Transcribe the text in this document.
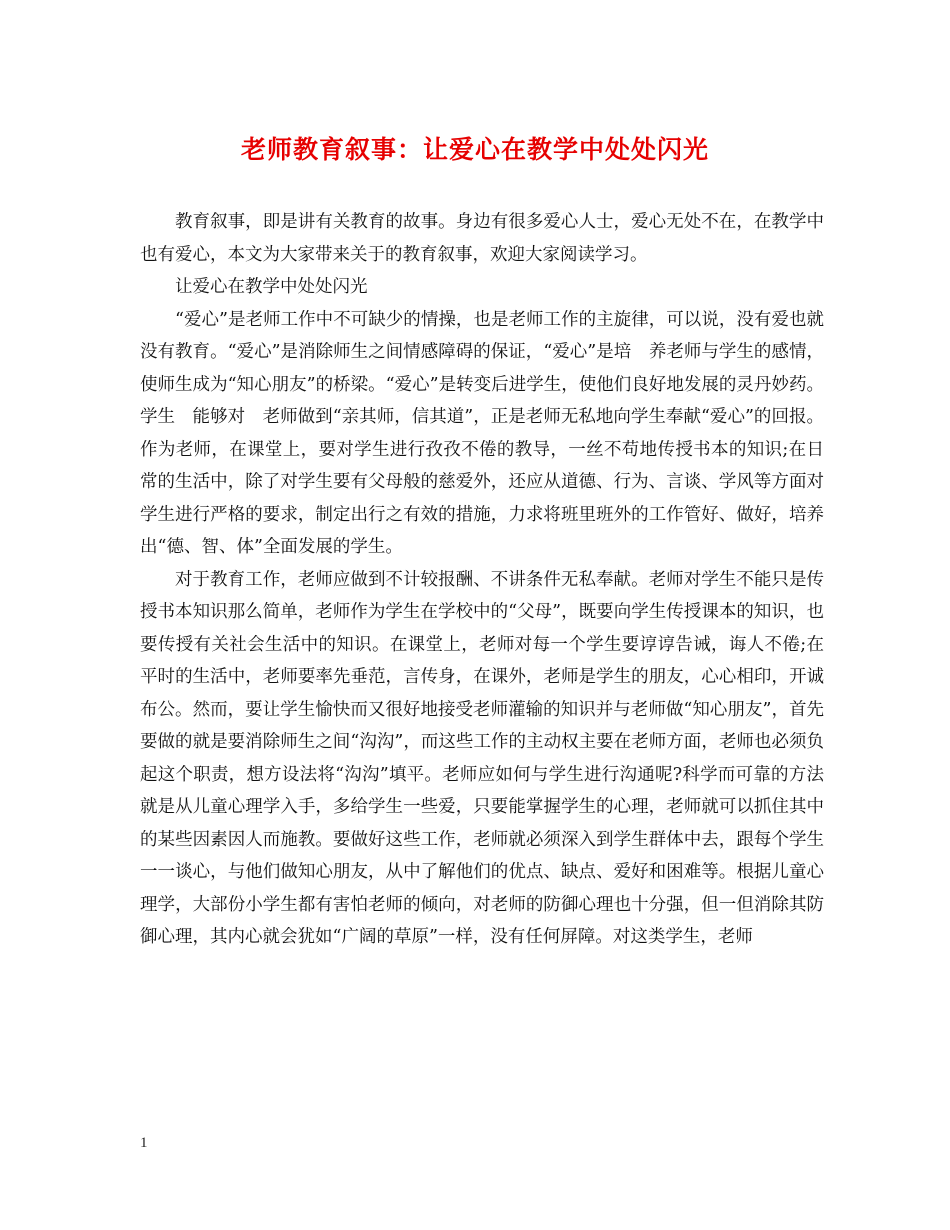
老师教育叙事：让爱心在教学中处处闪光

教育叙事，即是讲有关教育的故事。身边有很多爱心人士，爱心无处不在，在教学中也有爱心，本文为大家带来关于的教育叙事，欢迎大家阅读学习。

让爱心在教学中处处闪光

“爱心”是老师工作中不可缺少的情操，也是老师工作的主旋律，可以说，没有爱也就没有教育。“爱心”是消除师生之间情感障碍的保证，“爱心”是培　养老师与学生的感情，使师生成为“知心朋友”的桥梁。“爱心”是转变后进学生，使他们良好地发展的灵丹妙药。学生　能够对　老师做到“亲其师，信其道”，正是老师无私地向学生奉献“爱心”的回报。作为老师，在课堂上，要对学生进行孜孜不倦的教导，一丝不苟地传授书本的知识;在日常的生活中，除了对学生要有父母般的慈爱外，还应从道德、行为、言谈、学风等方面对学生进行严格的要求，制定出行之有效的措施，力求将班里班外的工作管好、做好，培养出“德、智、体”全面发展的学生。

对于教育工作，老师应做到不计较报酬、不讲条件无私奉献。老师对学生不能只是传授书本知识那么简单，老师作为学生在学校中的“父母”，既要向学生传授课本的知识，也要传授有关社会生活中的知识。在课堂上，老师对每一个学生要谆谆告诫，诲人不倦;在平时的生活中，老师要率先垂范，言传身，在课外，老师是学生的朋友，心心相印，开诚布公。然而，要让学生愉快而又很好地接受老师灌输的知识并与老师做“知心朋友”，首先要做的就是要消除师生之间“沟沟”，而这些工作的主动权主要在老师方面，老师也必须负起这个职责，想方设法将“沟沟”填平。老师应如何与学生进行沟通呢?科学而可靠的方法就是从儿童心理学入手，多给学生一些爱，只要能掌握学生的心理，老师就可以抓住其中的某些因素因人而施教。要做好这些工作，老师就必须深入到学生群体中去，跟每个学生一一谈心，与他们做知心朋友，从中了解他们的优点、缺点、爱好和困难等。根据儿童心理学，大部份小学生都有害怕老师的倾向，对老师的防御心理也十分强，但一但消除其防御心理，其内心就会犹如“广阔的草原”一样，没有任何屏障。对这类学生，老师

1
